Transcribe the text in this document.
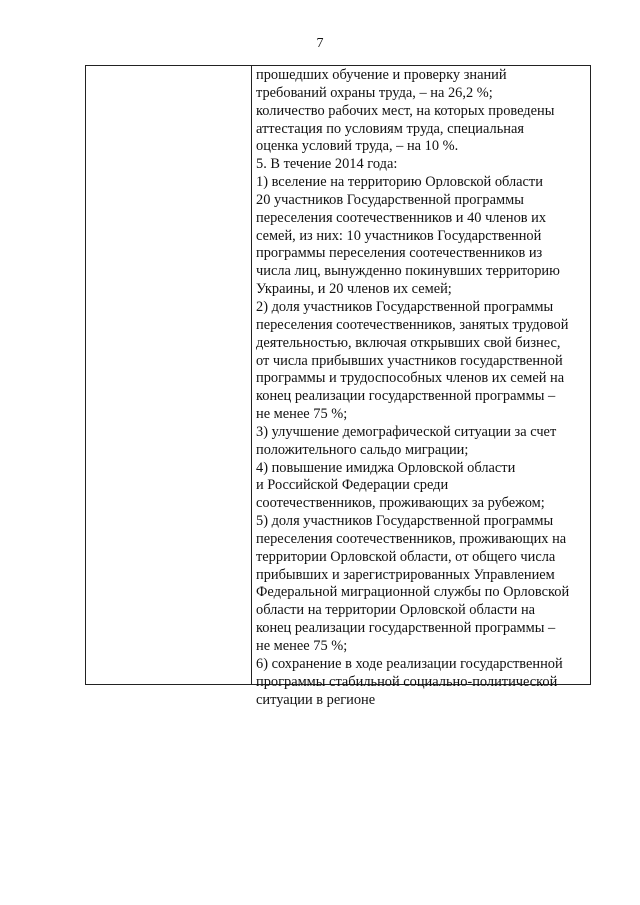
7
прошедших обучение и проверку знаний
требований охраны труда, – на 26,2 %;
количество рабочих мест, на которых проведены
аттестация по условиям труда, специальная
оценка условий труда, – на 10 %.
5. В течение 2014 года:
1) вселение на территорию Орловской области
20 участников Государственной программы
переселения соотечественников и 40 членов их
семей, из них: 10 участников Государственной
программы переселения соотечественников из
числа лиц, вынужденно покинувших территорию
Украины, и 20 членов их семей;
2) доля участников Государственной программы
переселения соотечественников, занятых трудовой
деятельностью, включая открывших свой бизнес,
от числа прибывших участников государственной
программы и трудоспособных членов их семей на
конец реализации государственной программы –
не менее 75 %;
3) улучшение демографической ситуации за счет
положительного сальдо миграции;
4) повышение имиджа Орловской области
и Российской Федерации среди
соотечественников, проживающих за рубежом;
5) доля участников Государственной программы
переселения соотечественников, проживающих на
территории Орловской области, от общего числа
прибывших и зарегистрированных Управлением
Федеральной миграционной службы по Орловской
области на территории Орловской области на
конец реализации государственной программы –
не менее 75 %;
6) сохранение в ходе реализации государственной
программы стабильной социально-политической
ситуации в регионе
